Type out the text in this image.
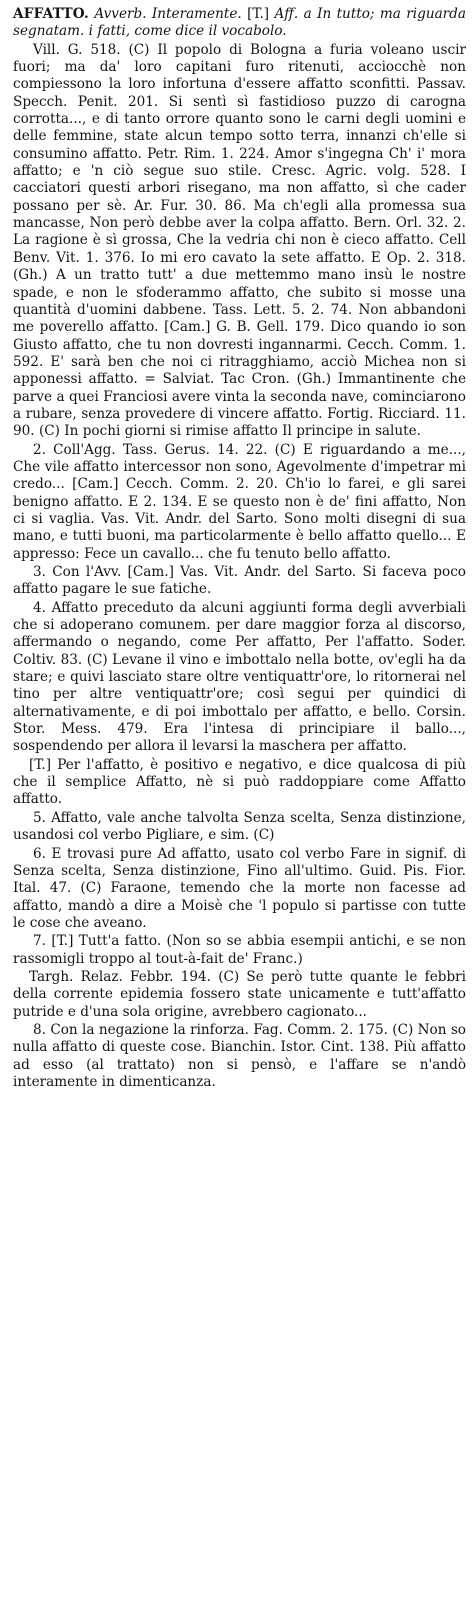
AFFATTO. Avverb. Interamente. [T.] Aff. a In tutto; ma riguarda segnatam. i fatti, come dice il vocabolo.

Vill. G. 518. (C) Il popolo di Bologna a furia voleano uscir fuori; ma da' loro capitani furo ritenuti, acciocchè non compiessono la loro infortuna d'essere affatto sconfitti. Passav. Specch. Penit. 201. Si sentì sì fastidioso puzzo di carogna corrotta..., e di tanto orrore quanto sono le carni degli uomini e delle femmine, state alcun tempo sotto terra, innanzi ch'elle si consumino affatto. Petr. Rim. 1. 224. Amor s'ingegna Ch' i' mora affatto; e 'n ciò segue suo stile. Cresc. Agric. volg. 528. I cacciatori questi arbori risegano, ma non affatto, sì che cader possano per sè. Ar. Fur. 30. 86. Ma ch'egli alla promessa sua mancasse, Non però debbe aver la colpa affatto. Bern. Orl. 32. 2. La ragione è sì grossa, Che la vedria chi non è cieco affatto. Cell Benv. Vit. 1. 376. Io mi ero cavato la sete affatto. E Op. 2. 318. (Gh.) A un tratto tutt' a due mettemmo mano insù le nostre spade, e non le sfoderammo affatto, che subito si mosse una quantità d'uomini dabbene. Tass. Lett. 5. 2. 74. Non abbandoni me poverello affatto. [Cam.] G. B. Gell. 179. Dico quando io son Giusto affatto, che tu non dovresti ingannarmi. Cecch. Comm. 1. 592. E' sarà ben che noi ci ritragghiamo, acciò Michea non si apponessi affatto. = Salviat. Tac Cron. (Gh.) Immantinente che parve a quei Franciosi avere vinta la seconda nave, cominciarono a rubare, senza provedere di vincere affatto. Fortig. Ricciard. 11. 90. (C) In pochi giorni si rimise affatto Il principe in salute.

2. Coll'Agg. Tass. Gerus. 14. 22. (C) E riguardando a me..., Che vile affatto intercessor non sono, Agevolmente d'impetrar mi credo... [Cam.] Cecch. Comm. 2. 20. Ch'io lo farei, e gli sarei benigno affatto. E 2. 134. E se questo non è de' fini affatto, Non ci si vaglia. Vas. Vit. Andr. del Sarto. Sono molti disegni di sua mano, e tutti buoni, ma particolarmente è bello affatto quello... E appresso: Fece un cavallo... che fu tenuto bello affatto.

3. Con l'Avv. [Cam.] Vas. Vit. Andr. del Sarto. Si faceva poco affatto pagare le sue fatiche.

4. Affatto preceduto da alcuni aggiunti forma degli avverbiali che si adoperano comunem. per dare maggior forza al discorso, affermando o negando, come Per affatto, Per l'affatto. Soder. Coltiv. 83. (C) Levane il vino e imbottalo nella botte, ov'egli ha da stare; e quivi lasciato stare oltre ventiquattr'ore, lo ritornerai nel tino per altre ventiquattr'ore; così segui per quindici di alternativamente, e di poi imbottalo per affatto, e bello. Corsin. Stor. Mess. 479. Era l'intesa di principiare il ballo..., sospendendo per allora il levarsi la maschera per affatto.

[T.] Per l'affatto, è positivo e negativo, e dice qualcosa di più che il semplice Affatto, nè si può raddoppiare come Affatto affatto.

5. Affatto, vale anche talvolta Senza scelta, Senza distinzione, usandosi col verbo Pigliare, e sim. (C)

6. E trovasi pure Ad affatto, usato col verbo Fare in signif. di Senza scelta, Senza distinzione, Fino all'ultimo. Guid. Pis. Fior. Ital. 47. (C) Faraone, temendo che la morte non facesse ad affatto, mandò a dire a Moisè che 'l populo si partisse con tutte le cose che aveano.

7. [T.] Tutt'a fatto. (Non so se abbia esempii antichi, e se non rassomigli troppo al tout-à-fait de' Franc.)

Targh. Relaz. Febbr. 194. (C) Se però tutte quante le febbri della corrente epidemia fossero state unicamente e tutt'affatto putride e d'una sola origine, avrebbero cagionato...

8. Con la negazione la rinforza. Fag. Comm. 2. 175. (C) Non so nulla affatto di queste cose. Bianchin. Istor. Cint. 138. Più affatto ad esso (al trattato) non si pensò, e l'affare se n'andò interamente in dimenticanza.
